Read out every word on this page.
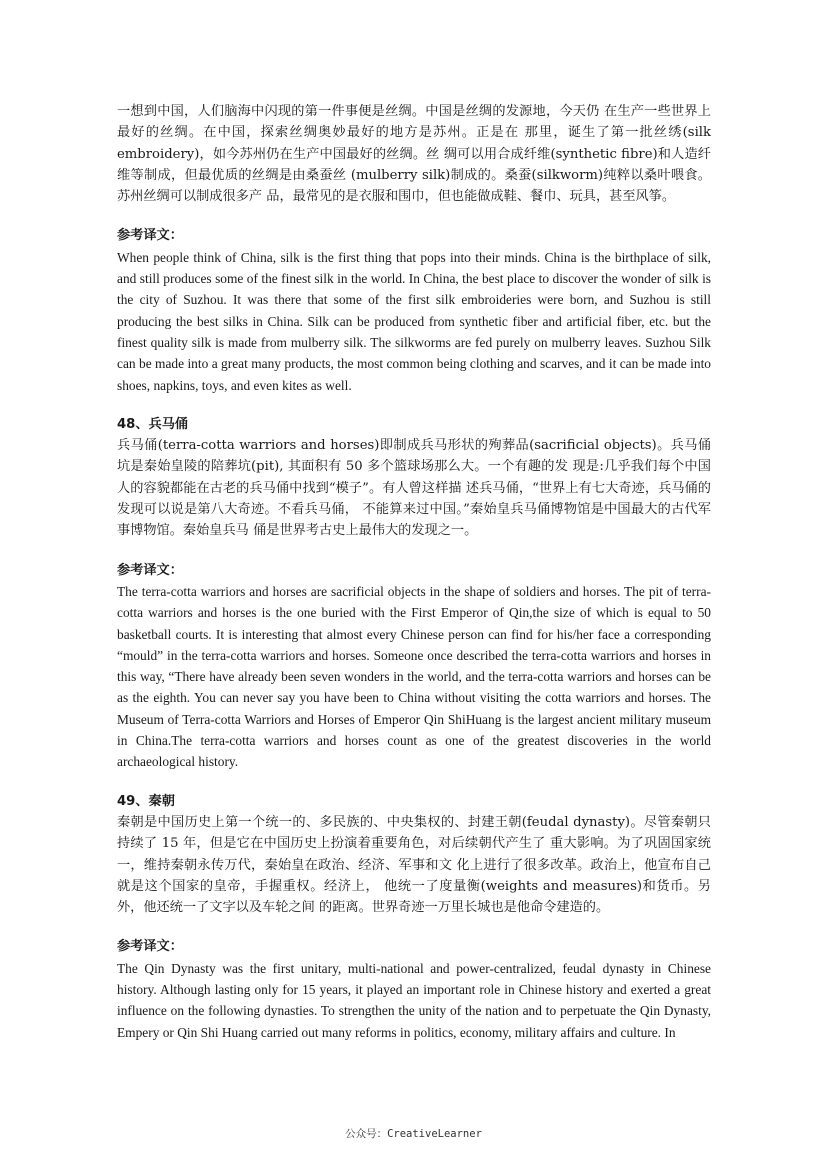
一想到中国，人们脑海中闪现的第一件事便是丝绸。中国是丝绸的发源地，今天仍 在生产一些世界上最好的丝绸。在中国，探索丝绸奥妙最好的地方是苏州。正是在 那里，诞生了第一批丝绣(silk embroidery)，如今苏州仍在生产中国最好的丝绸。丝 绸可以用合成纤维(synthetic fibre)和人造纤维等制成，但最优质的丝绸是由桑蚕丝 (mulberry silk)制成的。桑蚕(silkworm)纯粹以桑叶喂食。苏州丝绸可以制成很多产 品，最常见的是衣服和围巾，但也能做成鞋、餐巾、玩具，甚至风筝。

参考译文：

When people think of China, silk is the first thing that pops into their minds. China is the birthplace of silk, and still produces some of the finest silk in the world. In China, the best place to discover the wonder of silk is the city of Suzhou. It was there that some of the first silk embroideries were born, and Suzhou is still producing the best silks in China. Silk can be produced from synthetic fiber and artificial fiber, etc. but the finest quality silk is made from mulberry silk. The silkworms are fed purely on mulberry leaves. Suzhou Silk can be made into a great many products, the most common being clothing and scarves, and it can be made into shoes, napkins, toys, and even kites as well.

48、兵马俑

兵马俑(terra-cotta warriors and horses)即制成兵马形状的殉葬品(sacrificial objects)。兵马俑坑是秦始皇陵的陪葬坑(pit), 其面积有 50 多个篮球场那么大。一个有趣的发 现是:几乎我们每个中国人的容貌都能在古老的兵马俑中找到“模子”。有人曾这样描 述兵马俑，“世界上有七大奇迹，兵马俑的发现可以说是第八大奇迹。不看兵马俑， 不能算来过中国。”秦始皇兵马俑博物馆是中国最大的古代军事博物馆。秦始皇兵马 俑是世界考古史上最伟大的发现之一。

参考译文：

The terra-cotta warriors and horses are sacrificial objects in the shape of soldiers and horses. The pit of terra-cotta warriors and horses is the one buried with the First Emperor of Qin,the size of which is equal to 50 basketball courts. It is interesting that almost every Chinese person can find for his/her face a corresponding “mould” in the terra-cotta warriors and horses. Someone once described the terra-cotta warriors and horses in this way, “There have already been seven wonders in the world, and the terra-cotta warriors and horses can be as the eighth. You can never say you have been to China without visiting the cotta warriors and horses. The Museum of Terra-cotta Warriors and Horses of Emperor Qin ShiHuang is the largest ancient military museum in China.The terra-cotta warriors and horses count as one of the greatest discoveries in the world archaeological history.

49、秦朝

秦朝是中国历史上第一个统一的、多民族的、中央集权的、封建王朝(feudal dynasty)。尽管秦朝只持续了 15 年，但是它在中国历史上扮演着重要角色，对后续朝代产生了 重大影响。为了巩固国家统一，维持秦朝永传万代，秦始皇在政治、经济、军事和文 化上进行了很多改革。政治上，他宣布自己就是这个国家的皇帝，手握重权。经济上， 他统一了度量衡(weights and measures)和货币。另外，他还统一了文字以及车轮之间 的距离。世界奇迹一万里长城也是他命令建造的。

参考译文：

The Qin Dynasty was the first unitary, multi-national and power-centralized, feudal dynasty in Chinese history. Although lasting only for 15 years, it played an important role in Chinese history and exerted a great influence on the following dynasties. To strengthen the unity of the nation and to perpetuate the Qin Dynasty, Empery or Qin Shi Huang carried out many reforms in politics, economy, military affairs and culture. In

公众号：CreativeLearner
